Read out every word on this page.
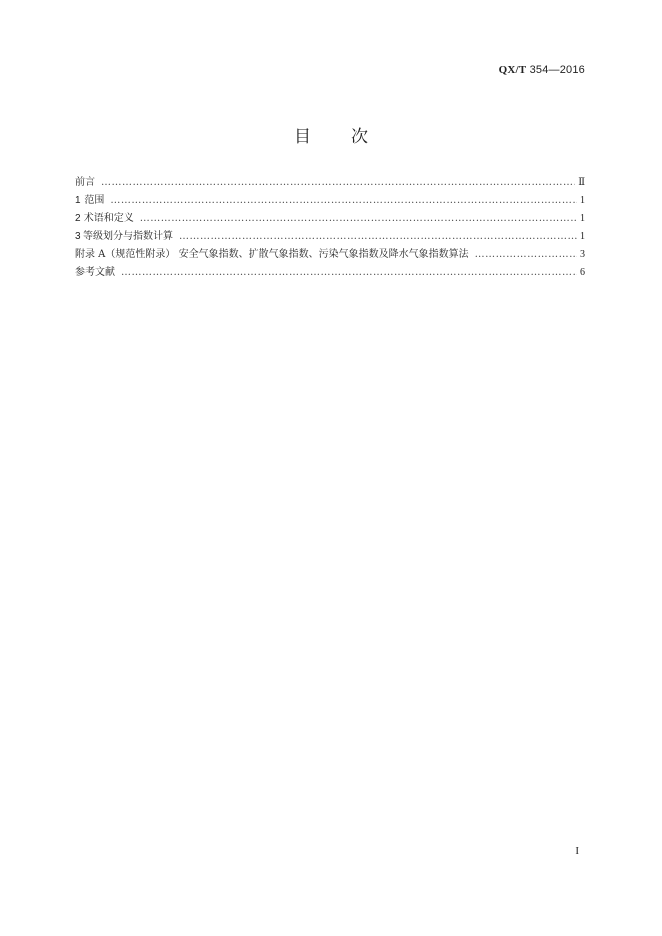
QX/T 354—2016
目次
前言 ………………………………………………………………………………………………………………………………………………………………………………………………………………………	Ⅱ
1 范围 ………………………………………………………………………………………………………………………………………………………………………………………………………………………	1
2 术语和定义 ………………………………………………………………………………………………………………………………………………………………………………………………………………………	1
3 等级划分与指数计算 ………………………………………………………………………………………………………………………………………………………………………………………………………………………	1
附录 A（规范性附录） 安全气象指数、扩散气象指数、污染气象指数及降水气象指数算法 ………………………………………………………………………………………………………………………………………………………………………………………………………………………	3
参考文献 ………………………………………………………………………………………………………………………………………………………………………………………………………………………	6
I
